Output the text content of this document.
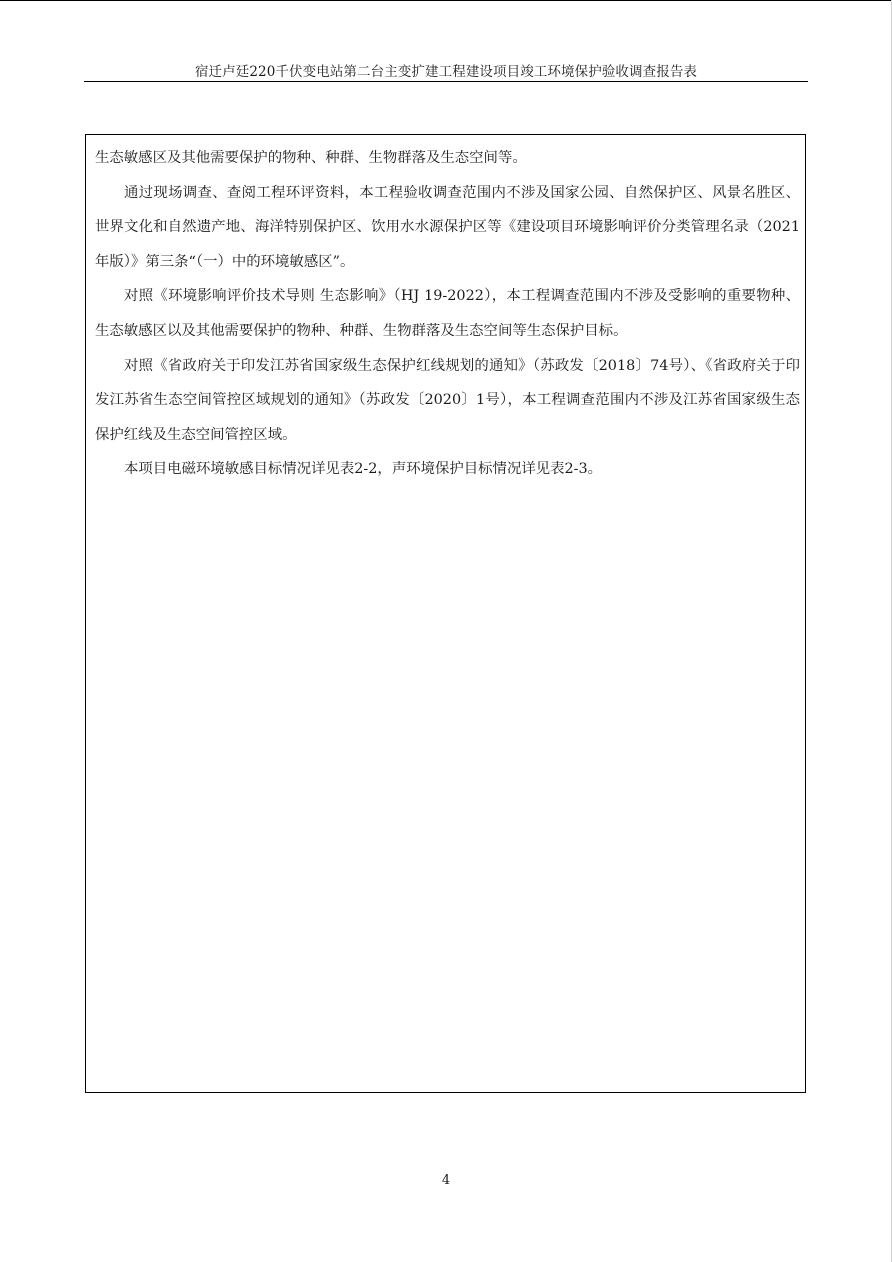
宿迁卢廷220千伏变电站第二台主变扩建工程建设项目竣工环境保护验收调查报告表

生态敏感区及其他需要保护的物种、种群、生物群落及生态空间等。

通过现场调查、查阅工程环评资料，本工程验收调查范围内不涉及国家公园、自然保护区、风景名胜区、世界文化和自然遗产地、海洋特别保护区、饮用水水源保护区等《建设项目环境影响评价分类管理名录（2021年版）》第三条“（一）中的环境敏感区”。

对照《环境影响评价技术导则 生态影响》（HJ 19-2022），本工程调查范围内不涉及受影响的重要物种、生态敏感区以及其他需要保护的物种、种群、生物群落及生态空间等生态保护目标。

对照《省政府关于印发江苏省国家级生态保护红线规划的通知》（苏政发〔2018〕74号）、《省政府关于印发江苏省生态空间管控区域规划的通知》（苏政发〔2020〕1号），本工程调查范围内不涉及江苏省国家级生态保护红线及生态空间管控区域。

本项目电磁环境敏感目标情况详见表2-2，声环境保护目标情况详见表2-3。

4
